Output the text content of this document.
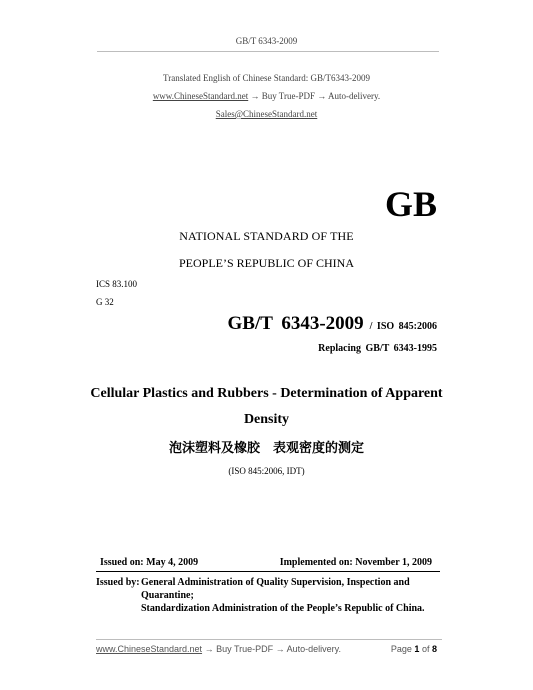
GB/T 6343-2009
Translated English of Chinese Standard: GB/T6343-2009
www.ChineseStandard.net → Buy True-PDF → Auto-delivery.
Sales@ChineseStandard.net
GB
NATIONAL STANDARD OF THE
PEOPLE’S REPUBLIC OF CHINA
ICS 83.100
G 32
GB/T 6343-2009 / ISO 845:2006
Replacing GB/T 6343-1995
Cellular Plastics and Rubbers - Determination of Apparent
Density
泡沫塑料及橡胶　表观密度的测定
(ISO 845:2006, IDT)
Issued on: May 4, 2009	Implemented on: November 1, 2009
Issued by:General Administration of Quality Supervision, Inspection and Quarantine;
Standardization Administration of the People’s Republic of China.
www.ChineseStandard.net → Buy True-PDF → Auto-delivery.	Page 1 of 8
